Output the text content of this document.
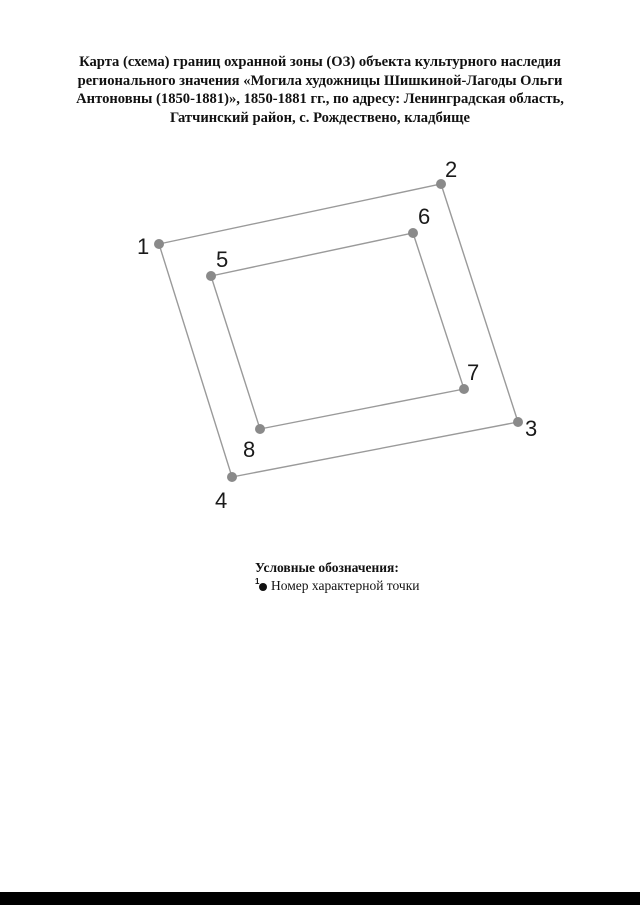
Карта (схема) границ охранной зоны (ОЗ) объекта культурного наследия регионального значения «Могила художницы Шишкиной-Лагоды Ольги Антоновны (1850-1881)», 1850-1881 гг., по адресу: Ленинградская область, Гатчинский район, с. Рождествено, кладбище
1
2
3
4
5
6
7
8
Условные обозначения:
1 Номер характерной точки
